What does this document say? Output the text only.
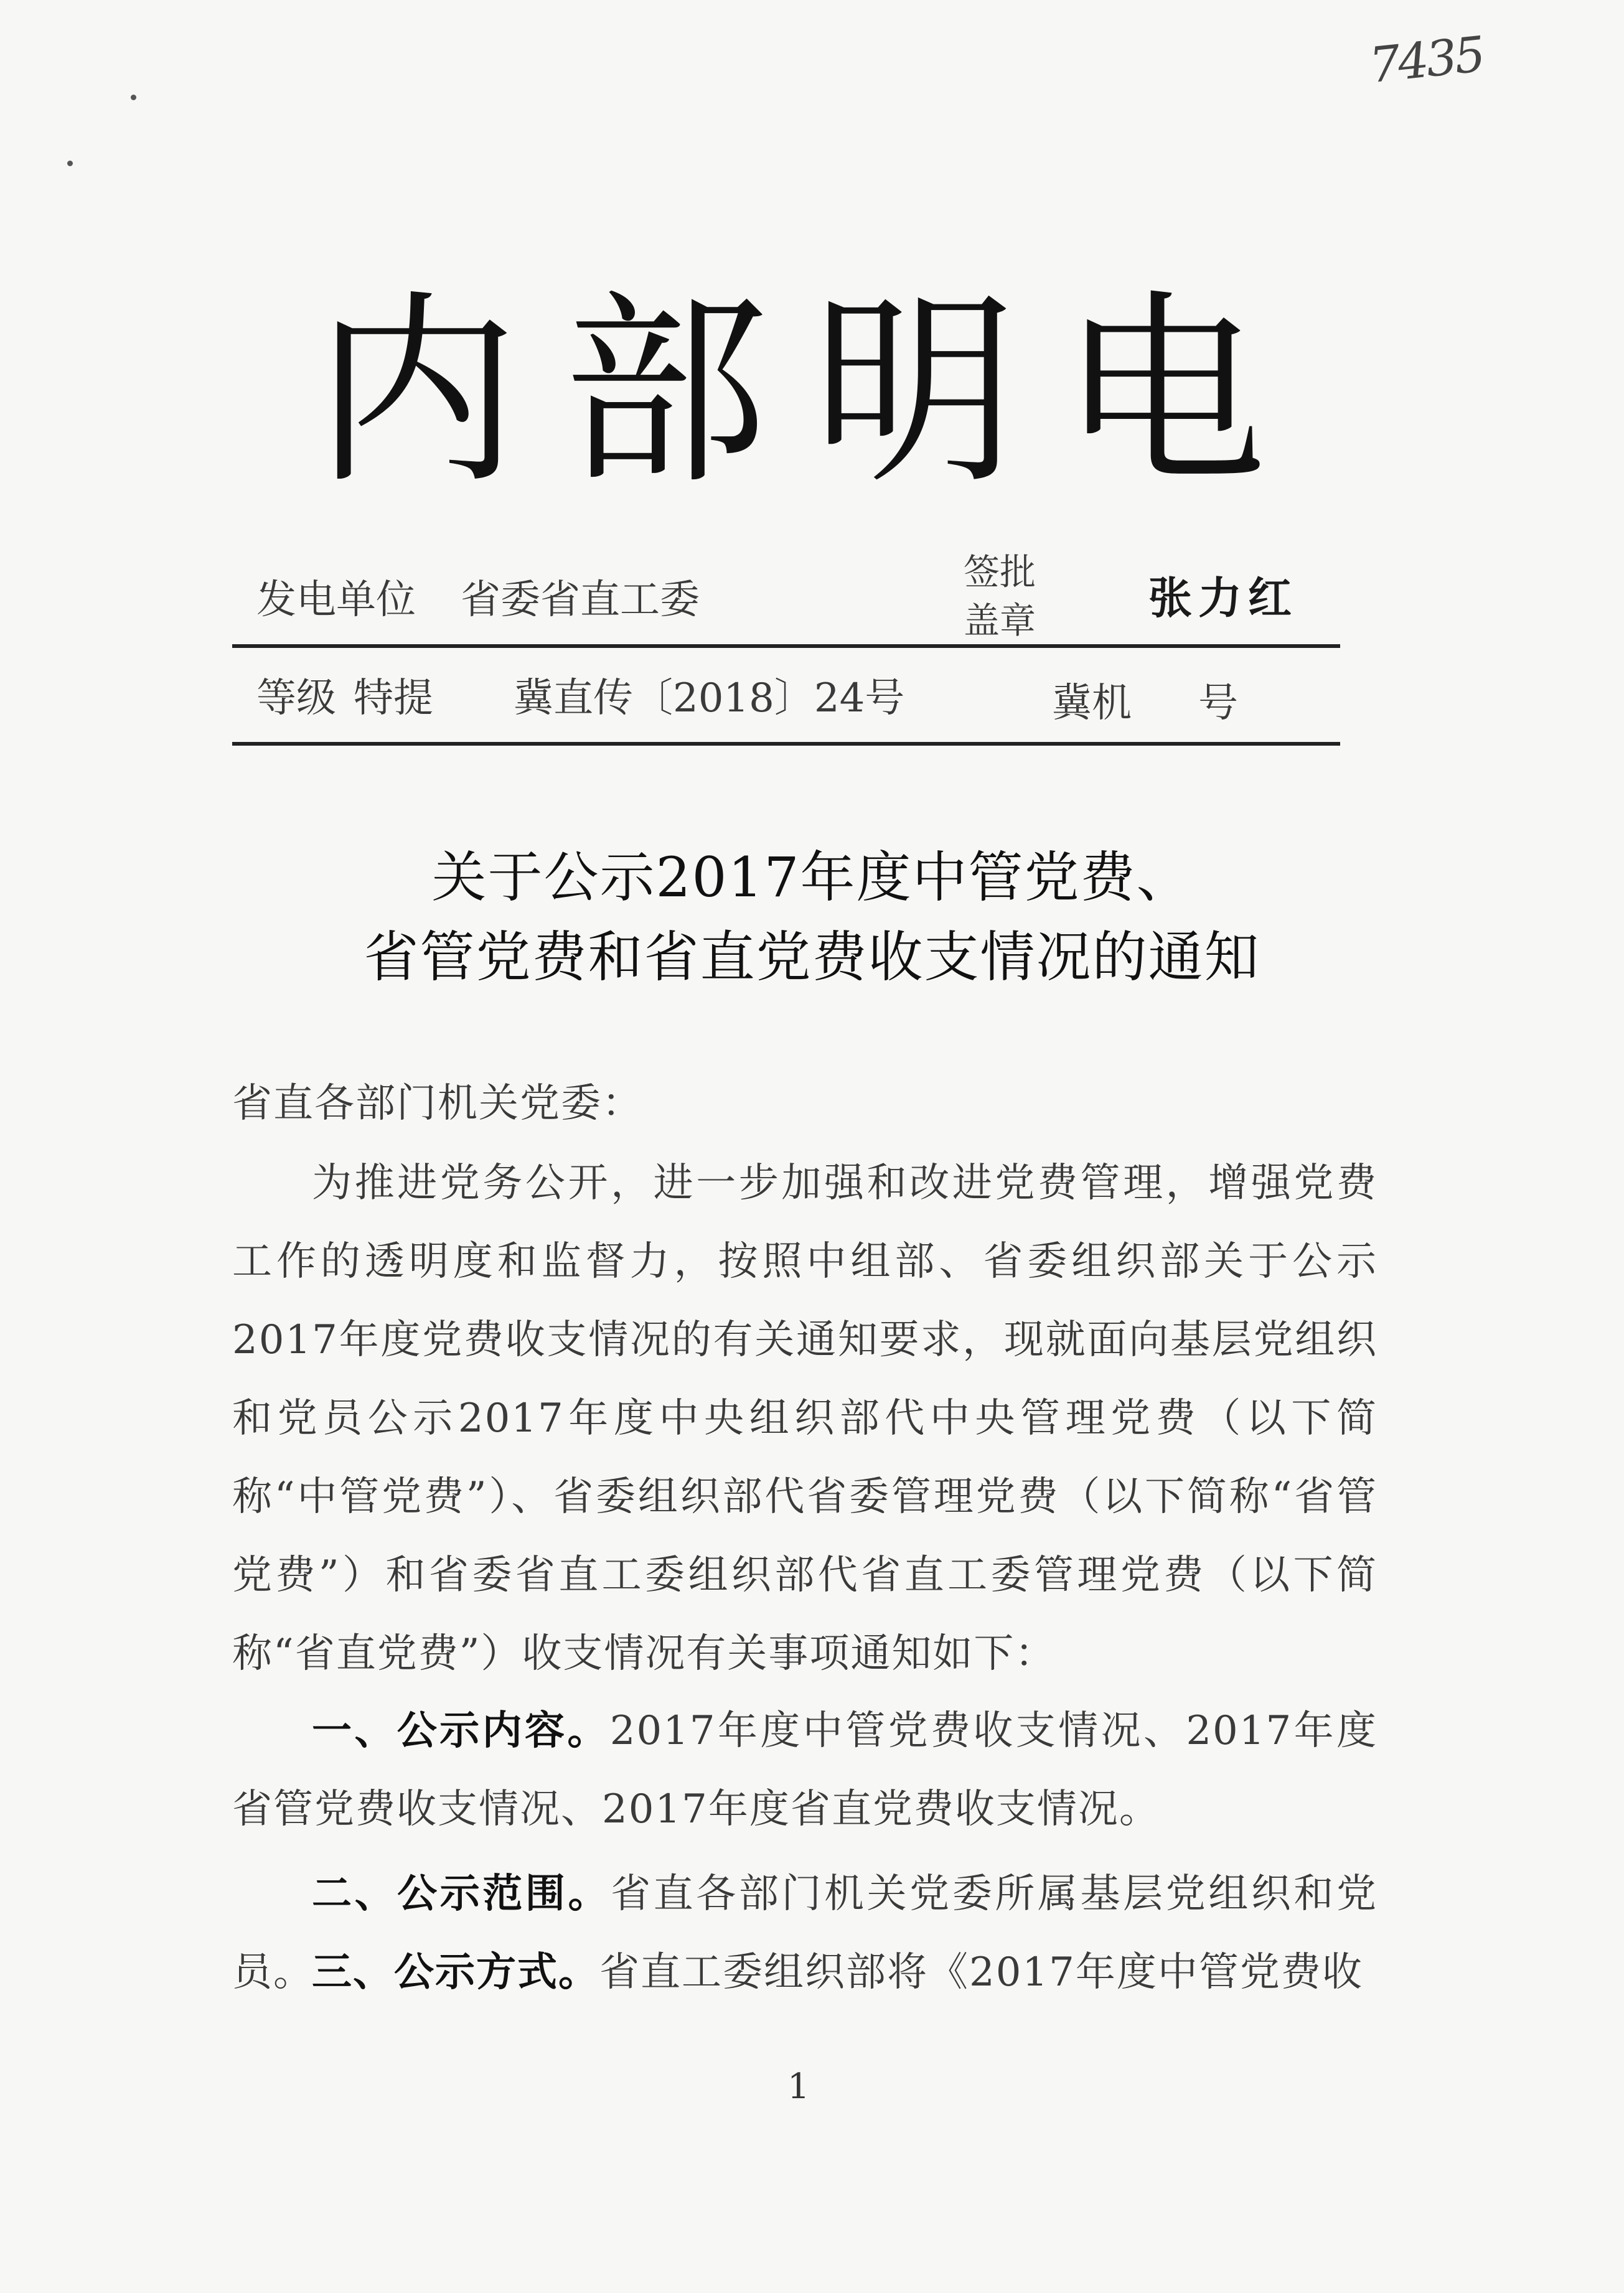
7435
内部明电
发电单位 省委省直工委
签批
盖章	张力红
等级 特提 冀直传〔2018〕24号	冀机 号
关于公示2017年度中管党费、
省管党费和省直党费收支情况的通知
省直各部门机关党委：
为推进党务公开，进一步加强和改进党费管理，增强党费工作的透明度和监督力，按照中组部、省委组织部关于公示2017年度党费收支情况的有关通知要求，现就面向基层党组织和党员公示2017年度中央组织部代中央管理党费（以下简称“中管党费”）、省委组织部代省委管理党费（以下简称“省管党费”）和省委省直工委组织部代省直工委管理党费（以下简称“省直党费”）收支情况有关事项通知如下：
一、公示内容。2017年度中管党费收支情况、2017年度省管党费收支情况、2017年度省直党费收支情况。
二、公示范围。省直各部门机关党委所属基层党组织和党员。
三、公示方式。省直工委组织部将《2017年度中管党费收
1
